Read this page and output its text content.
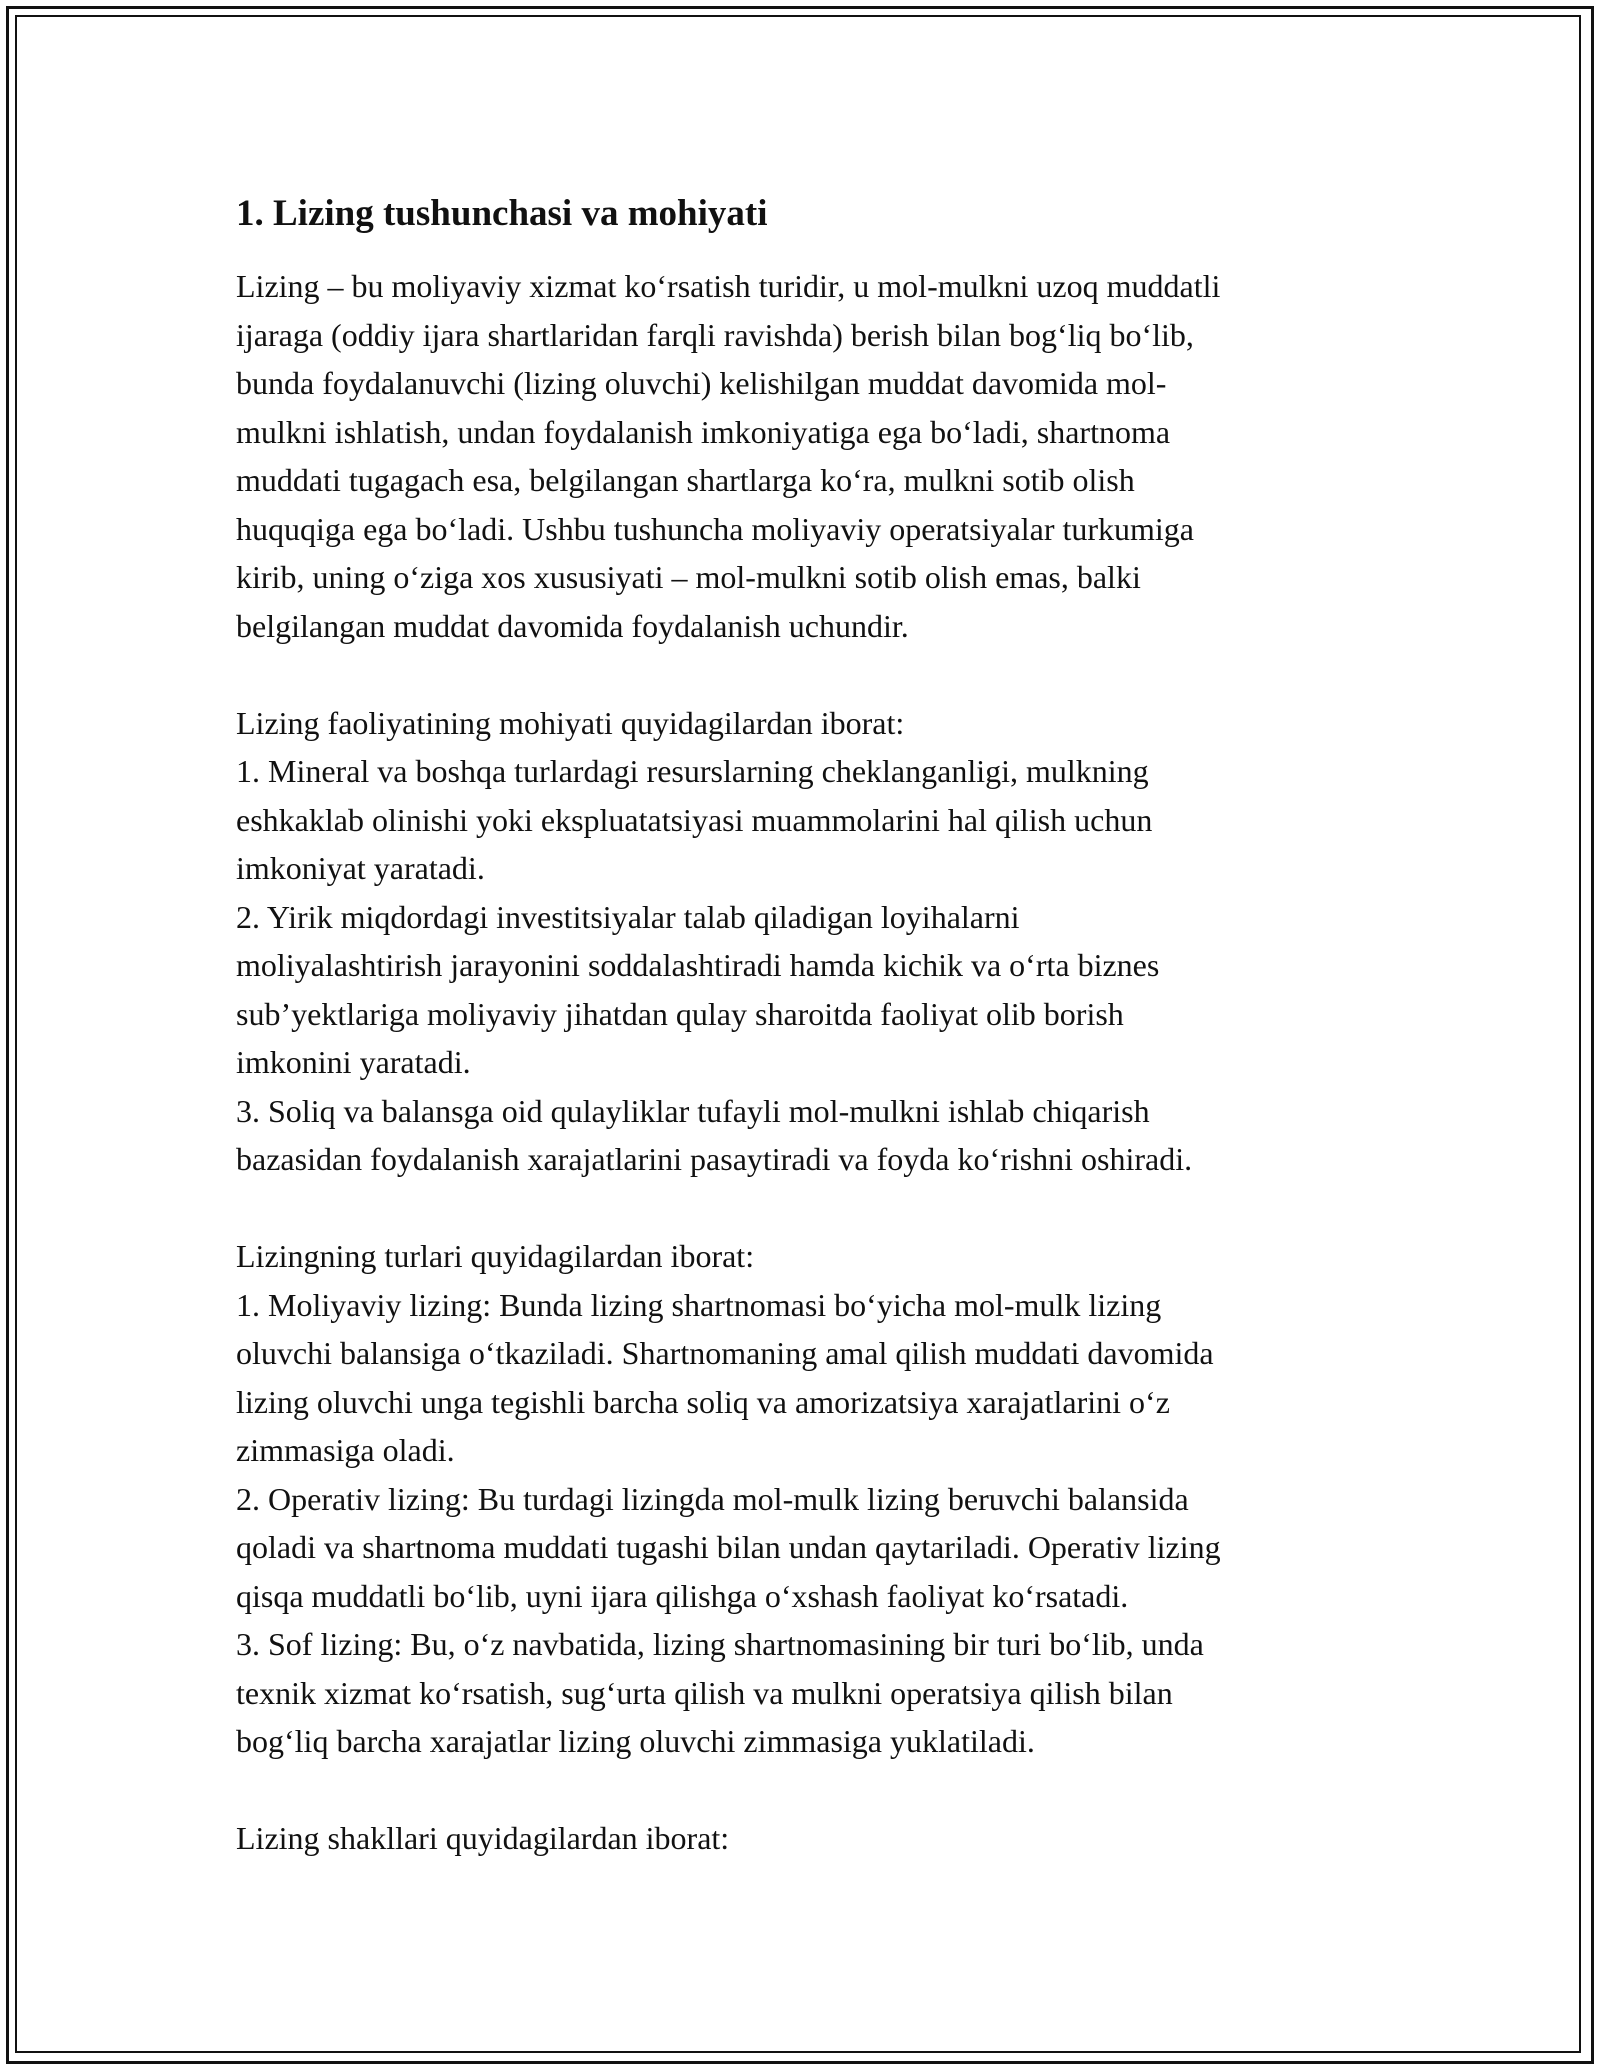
1. Lizing tushunchasi va mohiyati

Lizing – bu moliyaviy xizmat koʻrsatish turidir, u mol-mulkni uzoq muddatli

ijaraga (oddiy ijara shartlaridan farqli ravishda) berish bilan bogʻliq boʻlib,

bunda foydalanuvchi (lizing oluvchi) kelishilgan muddat davomida mol-

mulkni ishlatish, undan foydalanish imkoniyatiga ega boʻladi, shartnoma

muddati tugagach esa, belgilangan shartlarga koʻra, mulkni sotib olish

huquqiga ega boʻladi. Ushbu tushuncha moliyaviy operatsiyalar turkumiga

kirib, uning oʻziga xos xususiyati – mol-mulkni sotib olish emas, balki

belgilangan muddat davomida foydalanish uchundir.

Lizing faoliyatining mohiyati quyidagilardan iborat:

1. Mineral va boshqa turlardagi resurslarning cheklanganligi, mulkning

eshkaklab olinishi yoki ekspluatatsiyasi muammolarini hal qilish uchun

imkoniyat yaratadi.

2. Yirik miqdordagi investitsiyalar talab qiladigan loyihalarni

moliyalashtirish jarayonini soddalashtiradi hamda kichik va oʻrta biznes

subʼyektlariga moliyaviy jihatdan qulay sharoitda faoliyat olib borish

imkonini yaratadi.

3. Soliq va balansga oid qulayliklar tufayli mol-mulkni ishlab chiqarish

bazasidan foydalanish xarajatlarini pasaytiradi va foyda koʻrishni oshiradi.

Lizingning turlari quyidagilardan iborat:

1. Moliyaviy lizing: Bunda lizing shartnomasi boʻyicha mol-mulk lizing

oluvchi balansiga oʻtkaziladi. Shartnomaning amal qilish muddati davomida

lizing oluvchi unga tegishli barcha soliq va amorizatsiya xarajatlarini oʻz

zimmasiga oladi.

2. Operativ lizing: Bu turdagi lizingda mol-mulk lizing beruvchi balansida

qoladi va shartnoma muddati tugashi bilan undan qaytariladi. Operativ lizing

qisqa muddatli boʻlib, uyni ijara qilishga oʻxshash faoliyat koʻrsatadi.

3. Sof lizing: Bu, oʻz navbatida, lizing shartnomasining bir turi boʻlib, unda

texnik xizmat koʻrsatish, sugʻurta qilish va mulkni operatsiya qilish bilan

bogʻliq barcha xarajatlar lizing oluvchi zimmasiga yuklatiladi.

Lizing shakllari quyidagilardan iborat:
